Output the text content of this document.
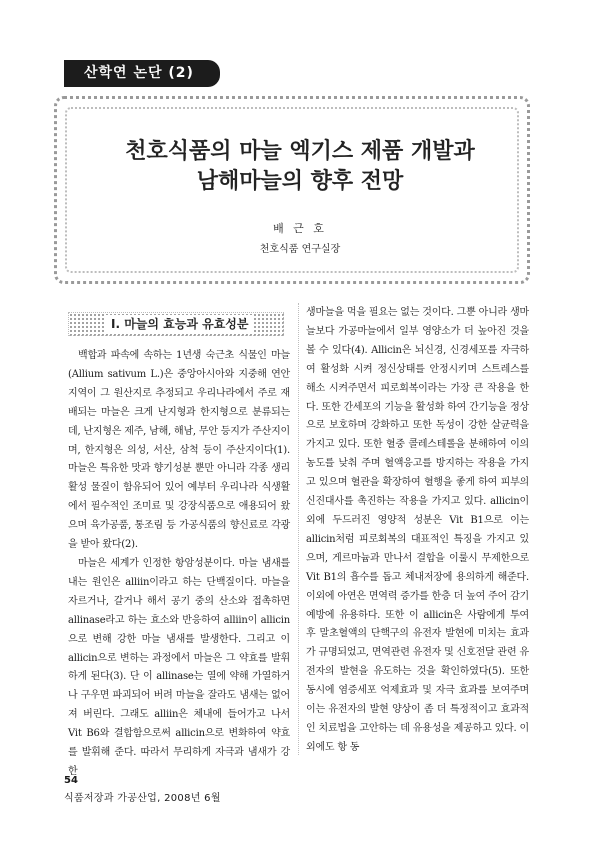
산학연 논단 (2)
천호식품의 마늘 엑기스 제품 개발과
남해마늘의 향후 전망
배 근 호
천호식품 연구실장
Ⅰ. 마늘의 효능과 유효성분

백합과 파속에 속하는 1년생 숙근초 식물인 마늘(Allium sativum L.)은 중앙아시아와 지중해 연안 지역이 그 원산지로 추정되고 우리나라에서 주로 재배되는 마늘은 크게 난지형과 한지형으로 분류되는데, 난지형은 제주, 남해, 해남, 무안 등지가 주산지이며, 한지형은 의성, 서산, 삼척 등이 주산지이다(1). 마늘은 특유한 맛과 향기성분 뿐만 아니라 각종 생리 활성 물질이 함유되어 있어 예부터 우리나라 식생활에서 필수적인 조미료 및 강장식품으로 애용되어 왔으며 육가공품, 통조림 등 가공식품의 향신료로 각광을 받아 왔다(2).

마늘은 세계가 인정한 항암성분이다. 마늘 냄새를 내는 원인은 alliin이라고 하는 단백질이다. 마늘을 자르거나, 갈거나 해서 공기 중의 산소와 접촉하면 allinase라고 하는 효소와 반응하여 alliin이 allicin으로 변해 강한 마늘 냄새를 발생한다. 그리고 이 allicin으로 변하는 과정에서 마늘은 그 약효를 발휘하게 된다(3). 단 이 allinase는 열에 약해 가열하거나 구우면 파괴되어 버려 마늘을 잘라도 냄새는 없어져 버린다. 그래도 alliin은 체내에 들어가고 나서 Vit B6와 결합함으로써 allicin으로 변화하여 약효를 발휘해 준다. 따라서 무리하게 자극과 냄새가 강한

생마늘을 먹을 필요는 없는 것이다. 그뿐 아니라 생마늘보다 가공마늘에서 일부 영양소가 더 높아진 것을 볼 수 있다(4). Allicin은 뇌신경, 신경세포를 자극하여 활성화 시켜 정신상태를 안정시키며 스트레스를 해소 시켜주면서 피로회복이라는 가장 큰 작용을 한다. 또한 간세포의 기능을 활성화 하여 간기능을 정상으로 보호하며 강화하고 또한 독성이 강한 살균력을 가지고 있다. 또한 혈중 콜레스테롤을 분해하여 이의 농도를 낮춰 주며 혈액응고를 방지하는 작용을 가지고 있으며 혈관을 확장하여 혈행을 좋게 하여 피부의 신진대사를 촉진하는 작용을 가지고 있다. allicin이외에 두드러진 영양적 성분은 Vit B1으로 이는 allicin처럼 피로회복의 대표적인 특징을 가지고 있으며, 게르마늄과 만나서 결합을 이룰시 무제한으로 Vit B1의 흡수를 돕고 체내저장에 용의하게 해준다. 이외에 아연은 면역력 증가를 한층 더 높여 주어 감기 예방에 유용하다. 또한 이 allicin은 사람에게 투여 후 말초혈액의 단핵구의 유전자 발현에 미치는 효과가 규명되었고, 면역관련 유전자 및 신호전달 관련 유전자의 발현을 유도하는 것을 확인하였다(5). 또한 동시에 염증세포 억제효과 및 자극 효과를 보여주며 이는 유전자의 발현 양상이 좀 더 특정적이고 효과적인 치료법을 고안하는 데 유용성을 제공하고 있다. 이외에도 항 동

54
식품저장과 가공산업, 2008년 6월
